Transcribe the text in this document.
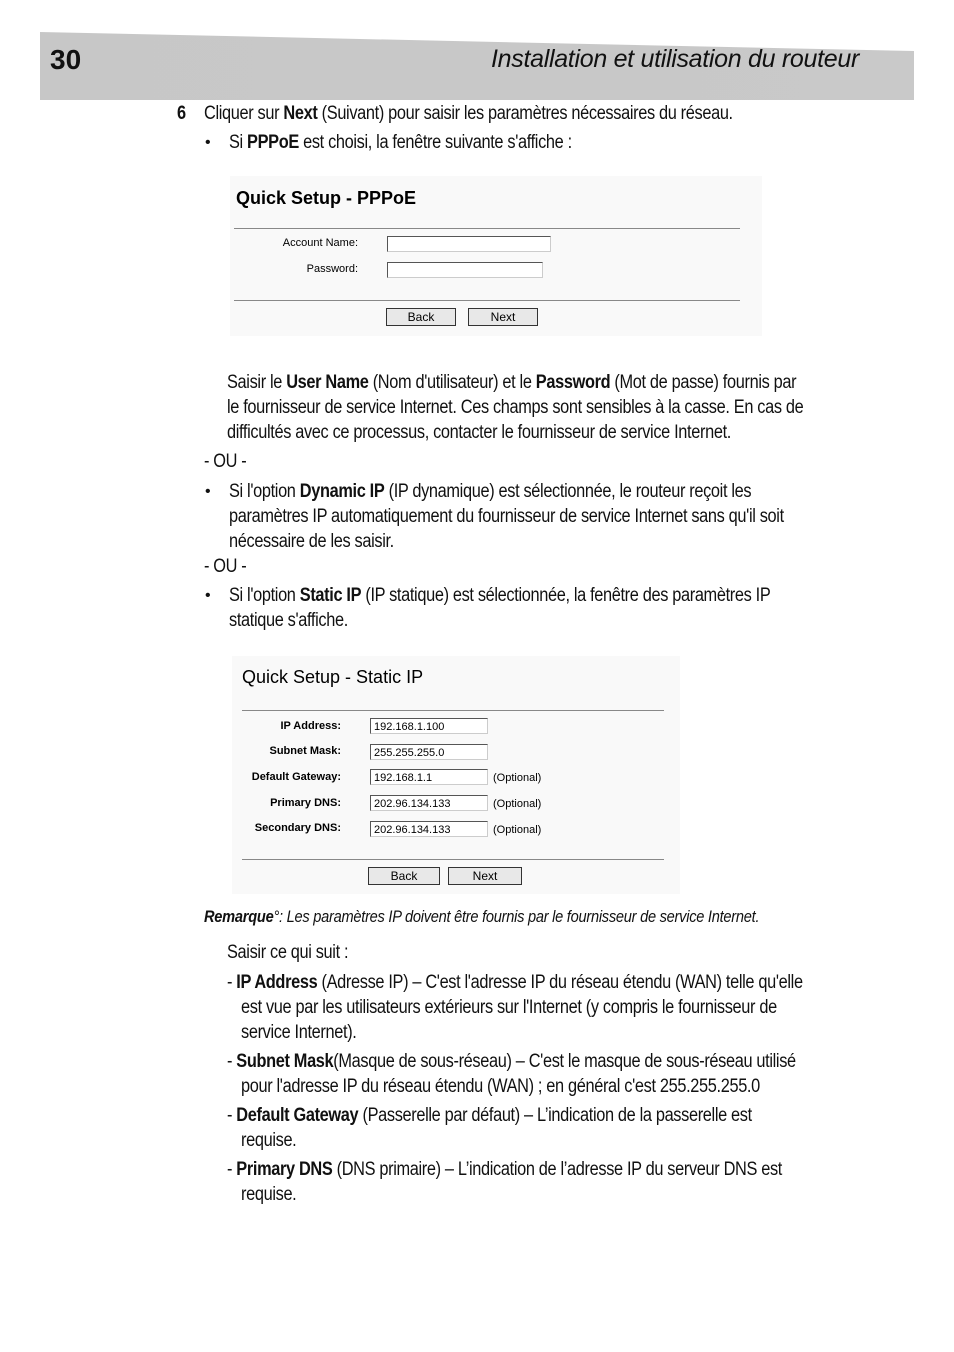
30	Installation et utilisation du routeur
6 Cliquer sur Next (Suivant) pour saisir les paramètres nécessaires du réseau.
• Si PPPoE est choisi, la fenêtre suivante s'affiche :
Quick Setup - PPPoE
Account Name:
Password:
Back	Next
Saisir le User Name (Nom d'utilisateur) et le Password (Mot de passe) fournis par
le fournisseur de service Internet. Ces champs sont sensibles à la casse. En cas de
difficultés avec ce processus, contacter le fournisseur de service Internet.
- OU -
• Si l'option Dynamic IP (IP dynamique) est sélectionnée, le routeur reçoit les
paramètres IP automatiquement du fournisseur de service Internet sans qu'il soit
nécessaire de les saisir.
- OU -
• Si l'option Static IP (IP statique) est sélectionnée, la fenêtre des paramètres IP
statique s'affiche.
Quick Setup - Static IP
IP Address:	192.168.1.100
Subnet Mask:	255.255.255.0
Default Gateway:	192.168.1.1	(Optional)
Primary DNS:	202.96.134.133	(Optional)
Secondary DNS:	202.96.134.133	(Optional)
Back	Next
Remarque°: Les paramètres IP doivent être fournis par le fournisseur de service Internet.
Saisir ce qui suit :
- IP Address (Adresse IP) – C'est l'adresse IP du réseau étendu (WAN) telle qu'elle
est vue par les utilisateurs extérieurs sur l'Internet (y compris le fournisseur de
service Internet).
- Subnet Mask(Masque de sous-réseau) – C'est le masque de sous-réseau utilisé
pour l'adresse IP du réseau étendu (WAN) ; en général c'est 255.255.255.0
- Default Gateway (Passerelle par défaut) – L’indication de la passerelle est
requise.
- Primary DNS (DNS primaire) – L’indication de l’adresse IP du serveur DNS est
requise.
